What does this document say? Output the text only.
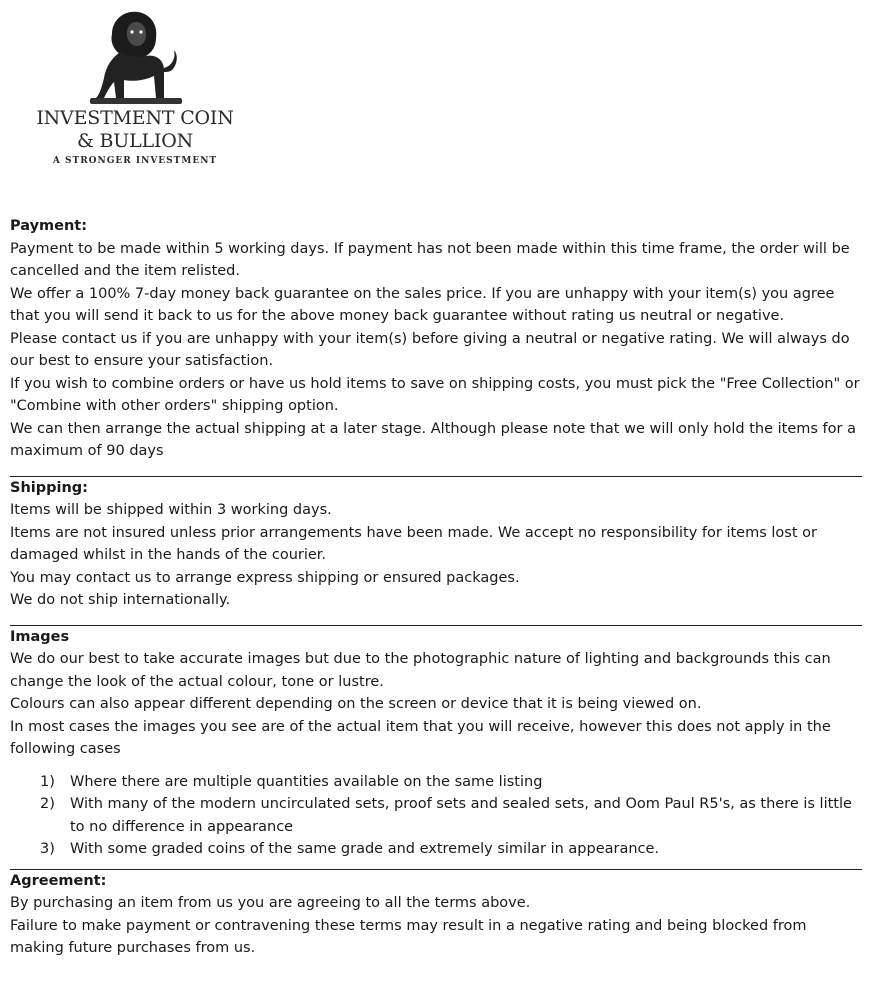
INVESTMENT COIN
& BULLION
A STRONGER INVESTMENT
Payment:

Payment to be made within 5 working days. If payment has not been made within this time frame, the order will be cancelled and the item relisted.

We offer a 100% 7-day money back guarantee on the sales price. If you are unhappy with your item(s) you agree that you will send it back to us for the above money back guarantee without rating us neutral or negative.

Please contact us if you are unhappy with your item(s) before giving a neutral or negative rating. We will always do our best to ensure your satisfaction.

If you wish to combine orders or have us hold items to save on shipping costs, you must pick the "Free Collection" or "Combine with other orders" shipping option.

We can then arrange the actual shipping at a later stage. Although please note that we will only hold the items for a maximum of 90 days

Shipping:

Items will be shipped within 3 working days.

Items are not insured unless prior arrangements have been made. We accept no responsibility for items lost or damaged whilst in the hands of the courier.

You may contact us to arrange express shipping or ensured packages.

We do not ship internationally.

Images

We do our best to take accurate images but due to the photographic nature of lighting and backgrounds this can change the look of the actual colour, tone or lustre.

Colours can also appear different depending on the screen or device that it is being viewed on.

In most cases the images you see are of the actual item that you will receive, however this does not apply in the following cases

1)	Where there are multiple quantities available on the same listing
2)	With many of the modern uncirculated sets, proof sets and sealed sets, and Oom Paul R5's, as there is little to no difference in appearance
3)	With some graded coins of the same grade and extremely similar in appearance.
Agreement:

By purchasing an item from us you are agreeing to all the terms above.

Failure to make payment or contravening these terms may result in a negative rating and being blocked from making future purchases from us.
